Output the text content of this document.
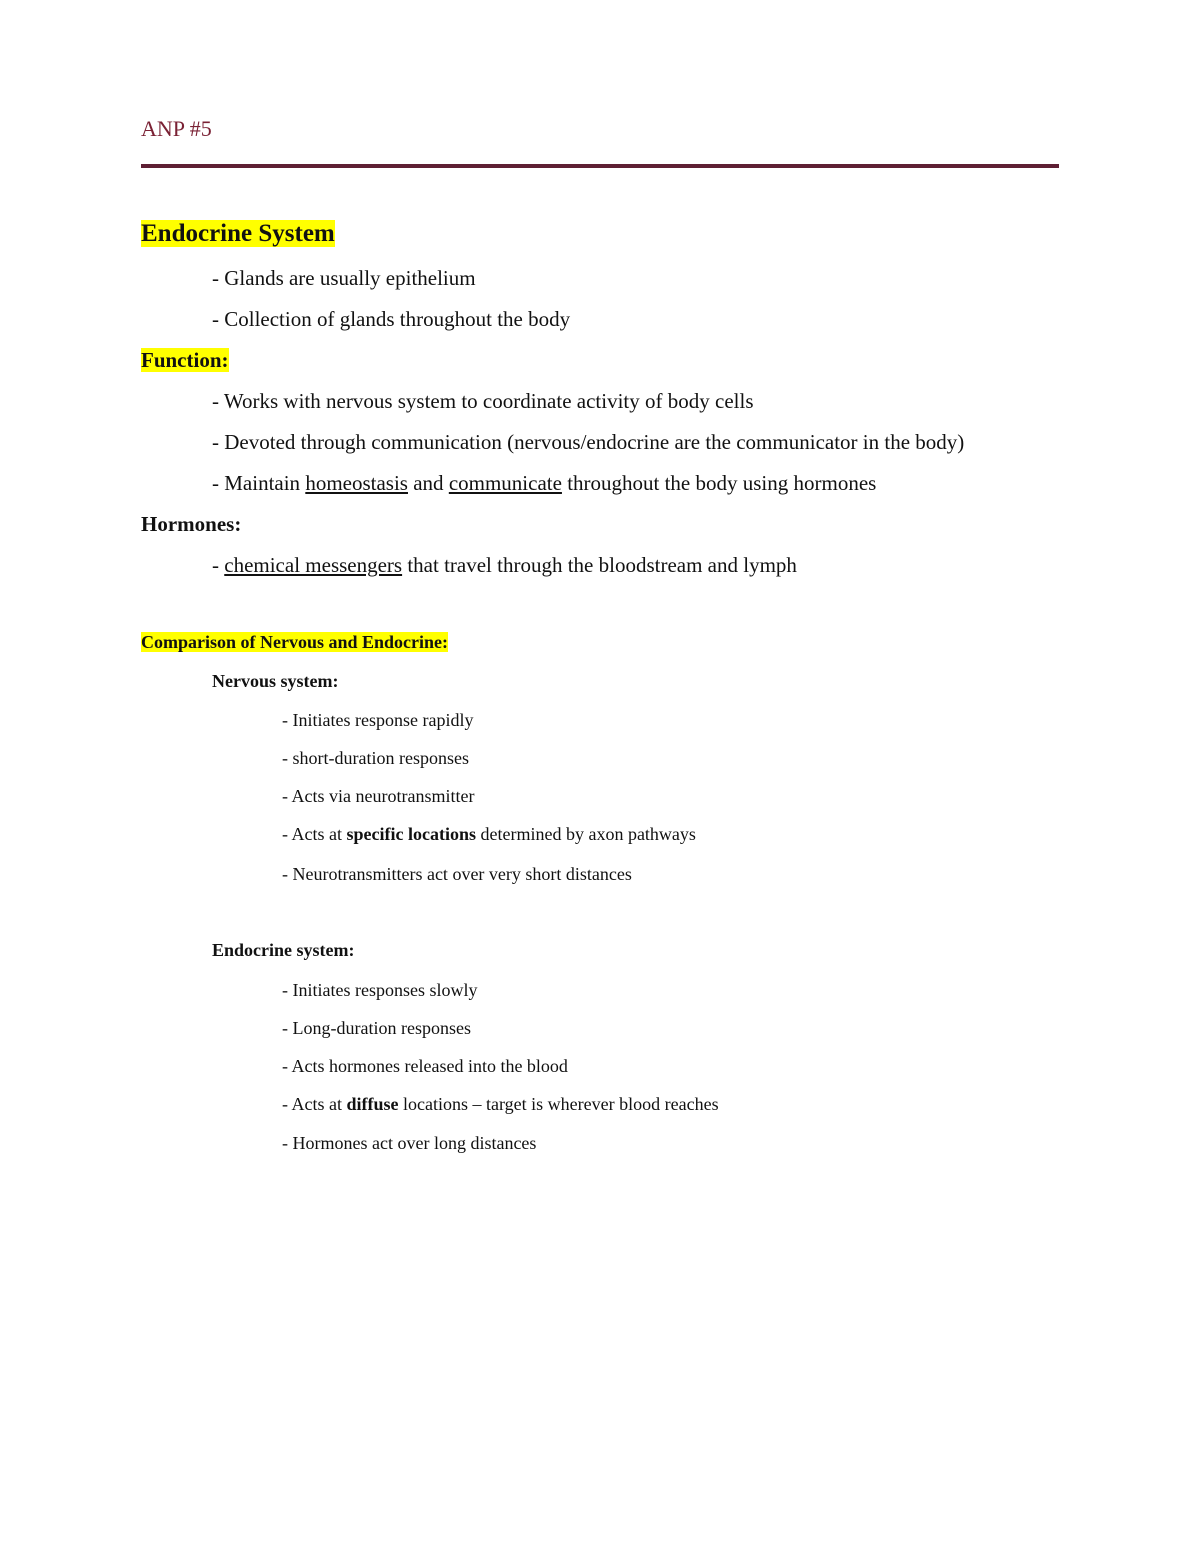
ANP #5
Endocrine System
- Glands are usually epithelium
- Collection of glands throughout the body
Function:
- Works with nervous system to coordinate activity of body cells
- Devoted through communication (nervous/endocrine are the communicator in the body)
- Maintain homeostasis and communicate throughout the body using hormones
Hormones:
- chemical messengers that travel through the bloodstream and lymph
Comparison of Nervous and Endocrine:
Nervous system:
- Initiates response rapidly
- short-duration responses
- Acts via neurotransmitter
- Acts at specific locations determined by axon pathways
- Neurotransmitters act over very short distances
Endocrine system:
- Initiates responses slowly
- Long-duration responses
- Acts hormones released into the blood
- Acts at diffuse locations – target is wherever blood reaches
- Hormones act over long distances
